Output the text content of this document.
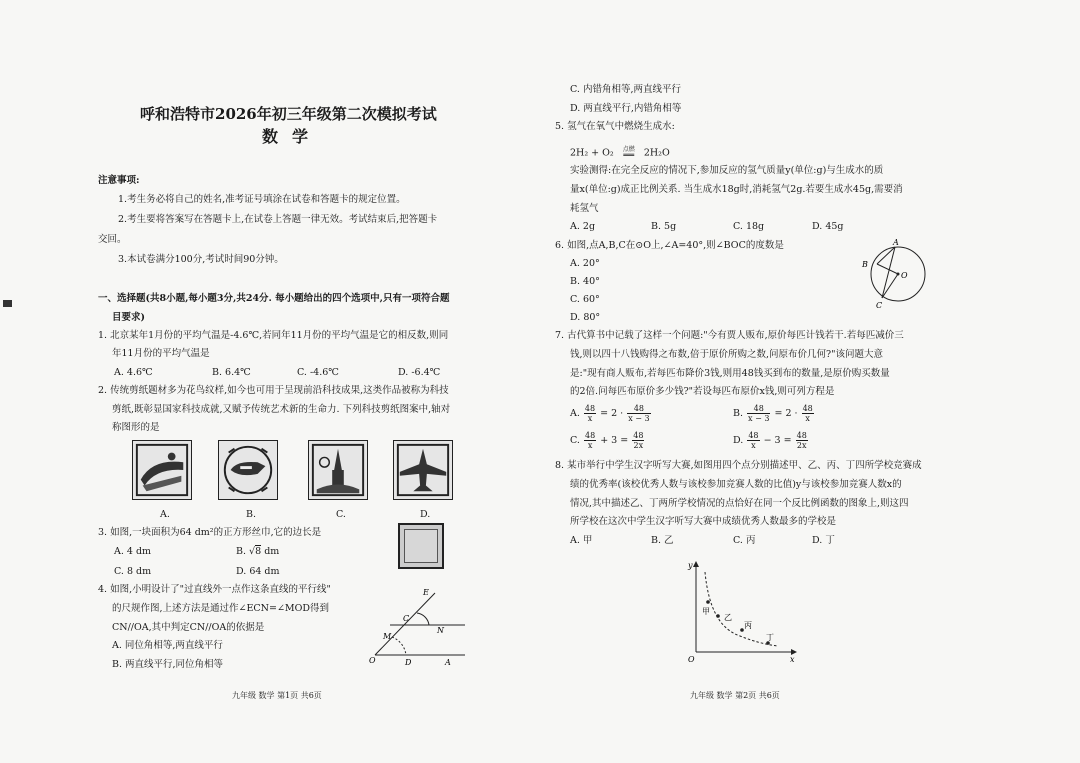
呼和浩特市2026年初三年级第二次模拟考试
数学
注意事项:
1.考生务必将自己的姓名,准考证号填涂在试卷和答题卡的规定位置。
2.考生要将答案写在答题卡上,在试卷上答题一律无效。考试结束后,把答题卡
交回。
3.本试卷满分100分,考试时间90分钟。
一、选择题(共8小题,每小题3分,共24分. 每小题给出的四个选项中,只有一项符合题
目要求)
1. 北京某年1月份的平均气温是-4.6℃,若同年11月份的平均气温是它的相反数,则同
年11月份的平均气温是
A. 4.6℃	B. 6.4℃	C. -4.6℃	D. -6.4℃
2. 传统剪纸题材多为花鸟纹样,如今也可用于呈现前沿科技成果,这类作品被称为科技
剪纸,既彰显国家科技成就,又赋予传统艺术新的生命力. 下列科技剪纸图案中,轴对
称图形的是
A.	B.	C.	D.
3. 如图,一块面积为64 dm²的正方形丝巾,它的边长是
A. 4 dm	B. √8 dm
C. 8 dm	D. 64 dm
4. 如图,小明设计了"过直线外一点作这条直线的平行线"
的尺规作图,上述方法是通过作∠ECN=∠MOD得到
CN//OA,其中判定CN//OA的依据是
A. 同位角相等,两直线平行
B. 两直线平行,同位角相等
E
C
N
M
O	D	A
九年级 数学 第1页 共6页
C. 内错角相等,两直线平行
D. 两直线平行,内错角相等
5. 氢气在氧气中燃烧生成水:
2H₂ + O₂ 点燃
══ 2H₂O
实验测得:在完全反应的情况下,参加反应的氢气质量y(单位:g)与生成水的质
量x(单位:g)成正比例关系. 当生成水18g时,消耗氢气2g.若要生成水45g,需要消
耗氢气
A. 2g	B. 5g	C. 18g	D. 45g
6. 如图,点A,B,C在⊙O上,∠A=40°,则∠BOC的度数是
A. 20°
B. 40°
C. 60°
D. 80°
A
B
O
C
7. 古代算书中记载了这样一个问题:"今有贾人贩布,原价每匹计钱若干.若每匹减价三
钱,则以四十八钱购得之布数,倍于原价所购之数,问原布价几何?"该问题大意
是:"现有商人贩布,若每匹布降价3钱,则用48钱买到布的数量,是原价购买数量
的2倍.问每匹布原价多少钱?"若设每匹布原价x钱,则可列方程是
A. $\frac{48}{x} = 2 \cdot \frac{48}{x - 3}$	B. $\frac{48}{x - 3} = 2 \cdot \frac{48}{x}$
C. $\frac{48}{x} + 3 = \frac{48}{2x}$	D. $\frac{48}{x} - 3 = \frac{48}{2x}$
8. 某市举行中学生汉字听写大赛,如图用四个点分别描述甲、乙、丙、丁四所学校竞赛成
绩的优秀率(该校优秀人数与该校参加竞赛人数的比值)y与该校参加竞赛人数x的
情况,其中描述乙、丁两所学校情况的点恰好在同一个反比例函数的图象上,则这四
所学校在这次中学生汉字听写大赛中成绩优秀人数最多的学校是
A. 甲	B. 乙	C. 丙	D. 丁
y
x
O
甲
乙
丙
丁
九年级 数学 第2页 共6页
